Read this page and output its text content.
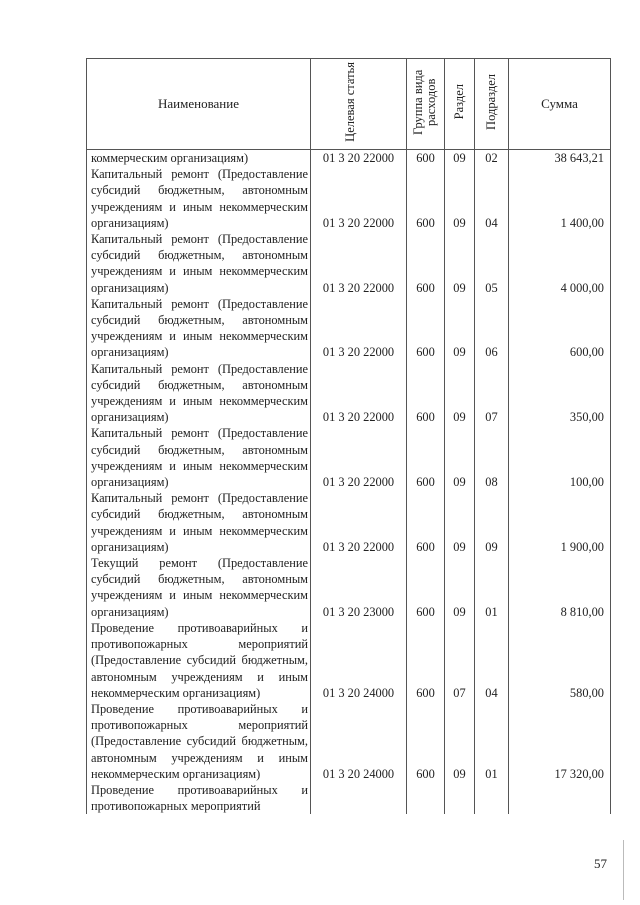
Наименование	Целевая статья	Группа вида расходов	Раздел	Подраздел	Сумма
коммерческим организациям)	01 3 20 22000	600	09	02	38 643,21
Капитальный ремонт (Предоставление субсидий бюджетным, автономным учреждениям и иным некоммерческим организациям)	01 3 20 22000	600	09	04	1 400,00
Капитальный ремонт (Предоставление субсидий бюджетным, автономным учреждениям и иным некоммерческим организациям)	01 3 20 22000	600	09	05	4 000,00
Капитальный ремонт (Предоставление субсидий бюджетным, автономным учреждениям и иным некоммерческим организациям)	01 3 20 22000	600	09	06	600,00
Капитальный ремонт (Предоставление субсидий бюджетным, автономным учреждениям и иным некоммерческим организациям)	01 3 20 22000	600	09	07	350,00
Капитальный ремонт (Предоставление субсидий бюджетным, автономным учреждениям и иным некоммерческим организациям)	01 3 20 22000	600	09	08	100,00
Капитальный ремонт (Предоставление субсидий бюджетным, автономным учреждениям и иным некоммерческим организациям)	01 3 20 22000	600	09	09	1 900,00
Текущий ремонт (Предоставление субсидий бюджетным, автономным учреждениям и иным некоммерческим организациям)	01 3 20 23000	600	09	01	8 810,00
Проведение противоаварийных и противопожарных мероприятий (Предоставление субсидий бюджетным, автономным учреждениям и иным некоммерческим организациям)	01 3 20 24000	600	07	04	580,00
Проведение противоаварийных и противопожарных мероприятий (Предоставление субсидий бюджетным, автономным учреждениям и иным некоммерческим организациям)	01 3 20 24000	600	09	01	17 320,00
Проведение противоаварийных и противопожарных мероприятий					
57
